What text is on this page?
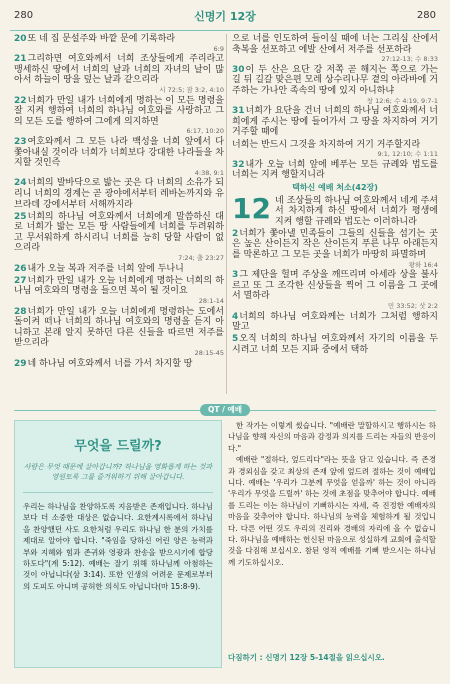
280	신명기 12장	280
20또 네 집 문설주와 바깥 문에 기록하라
6:9
21그리하면 여호와께서 너희 조상들에게 주리라고 맹세하신 땅에서 너희의 날과 너희의 자녀의 날이 많아서 하늘이 땅을 덮는 날과 같으리라
시 72:5; 잠 3:2, 4:10
22너희가 만일 내가 너희에게 명하는 이 모든 명령을 잘 지켜 행하여 너희의 하나님 여호와를 사랑하고 그의 모든 도를 행하여 그에게 의지하면
6:17, 10:20
23여호와께서 그 모든 나라 백성을 너희 앞에서 다 쫓아내실 것이라 너희가 너희보다 강대한 나라들을 차지할 것인즉
4:38, 9:1
24너희의 발바닥으로 밟는 곳은 다 너희의 소유가 되리니 너희의 경계는 곧 광야에서부터 레바논까지와 유브라데 강에서부터 서해까지라
25너희의 하나님 여호와께서 너희에게 말씀하신 대로 너희가 밟는 모든 땅 사람들에게 너희를 두려워하고 무서워하게 하시리니 너희를 능히 당할 사람이 없으리라
7:24; 출 23:27
26내가 오늘 복과 저주를 너희 앞에 두나니
27너희가 만일 내가 오늘 너희에게 명하는 너희의 하나님 여호와의 명령을 들으면 복이 될 것이요
28:1-14
28너희가 만일 내가 오늘 너희에게 명령하는 도에서 돌이켜 떠나 너희의 하나님 여호와의 명령을 듣지 아니하고 본래 알지 못하던 다른 신들을 따르면 저주를 받으리라
28:15-45
29네 하나님 여호와께서 너를 가서 차지할 땅
으로 너를 인도하여 들이실 때에 너는 그리심 산에서 축복을 선포하고 에발 산에서 저주를 선포하라
27:12-13; 수 8:33
30이 두 산은 요단 강 저쪽 곧 해지는 쪽으로 가는 길 뒤 길갈 맞은편 모레 상수리나무 곁의 아라바에 거주하는 가나안 족속의 땅에 있지 아니하냐
창 12:6; 수 4:19, 9:7-1
31너희가 요단을 건너 너희의 하나님 여호와께서 너희에게 주시는 땅에 들어가서 그 땅을 차지하여 거기 거주할 때에
너희는 반드시 그것을 차지하여 거기 거주할지라
9:1, 12:10; 수 1:11
32내가 오늘 너희 앞에 베푸는 모든 규례와 법도를 너희는 지켜 행할지니라
택하신 예배 처소(42장)
12 네 조상들의 하나님 여호와께서 네게 주셔서 차지하게 하신 땅에서 너희가 평생에 지켜 행할 규례와 법도는 이러하니라
2너희가 쫓아낼 민족들이 그들의 신들을 섬기는 곳은 높은 산이든지 작은 산이든지 푸른 나무 아래든지를 막론하고 그 모든 곳을 너희가 마땅히 파멸하며
왕하 16:4
3그 제단을 헐며 주상을 깨뜨리며 아세라 상을 불사르고 또 그 조각한 신상들을 찍어 그 이름을 그 곳에서 멸하라
민 33:52; 삿 2:2
4너희의 하나님 여호와께는 너희가 그처럼 행하지 말고
5오직 너희의 하나님 여호와께서 자기의 이름을 두시려고 너희 모든 지파 중에서 택하
QT / 예배
무엇을 드릴까?
사람은 무엇 때문에 살아갑니까? 하나님을 영화롭게 하는 것과 영원토록 그를 즐거워하기 위해 살아갑니다.
우리는 하나님을 찬양하도록 지음받은 존재입니다. 하나님보다 더 소중한 대상은 없습니다. 요한계시록에서 하나님을 찬양했던 사도 요한처럼 우리도 하나님 한 분의 가치를 제대로 알아야 합니다. "죽임을 당하신 어린 양은 능력과 부와 지혜와 힘과 존귀와 영광과 찬송을 받으시기에 합당하도다"(계 5:12). 예배는 잘기 위해 하나님께 아첨하는 것이 아닙니다(삼 3:14). 또한 인생의 어려운 문제로부터의 도피도 아니며 공허한 의식도 아닙니다(마 15:8-9).

한 작가는 이렇게 썼습니다. "예배란 말할하시고 행하시는 하나님을 향해 자신의 마음과 감정과 의지를 드리는 자들의 반응이다."

예배란 "절하다, 엎드리다"라는 뜻을 담고 있습니다. 즉 존경과 경외심을 갖고 최상의 존재 앞에 엎드려 절하는 것이 예배입니다. 예배는 '우리가 그분께 무엇을 얻을까' 하는 것이 아니라 '우리가 무엇을 드릴까' 하는 것에 초점을 맞추어야 합니다. 예배를 드리는 이는 하나님이 기뻐하시는 자세, 즉 진정한 예배자의 마음을 갖추어야 합니다. 하나님의 능력을 체험하게 될 것입니다. 다른 어떤 것도 우리의 진리와 경배의 자리에 올 수 없습니다. 하나님을 예배하는 헌신된 마음으로 성실하게 교회에 출석할 것을 다짐해 보십시오. 참된 영적 예배를 기뻐 받으시는 하나님께 기도하십시오.

다짐하기 : 신명기 12장 5-14절을 읽으십시오.
